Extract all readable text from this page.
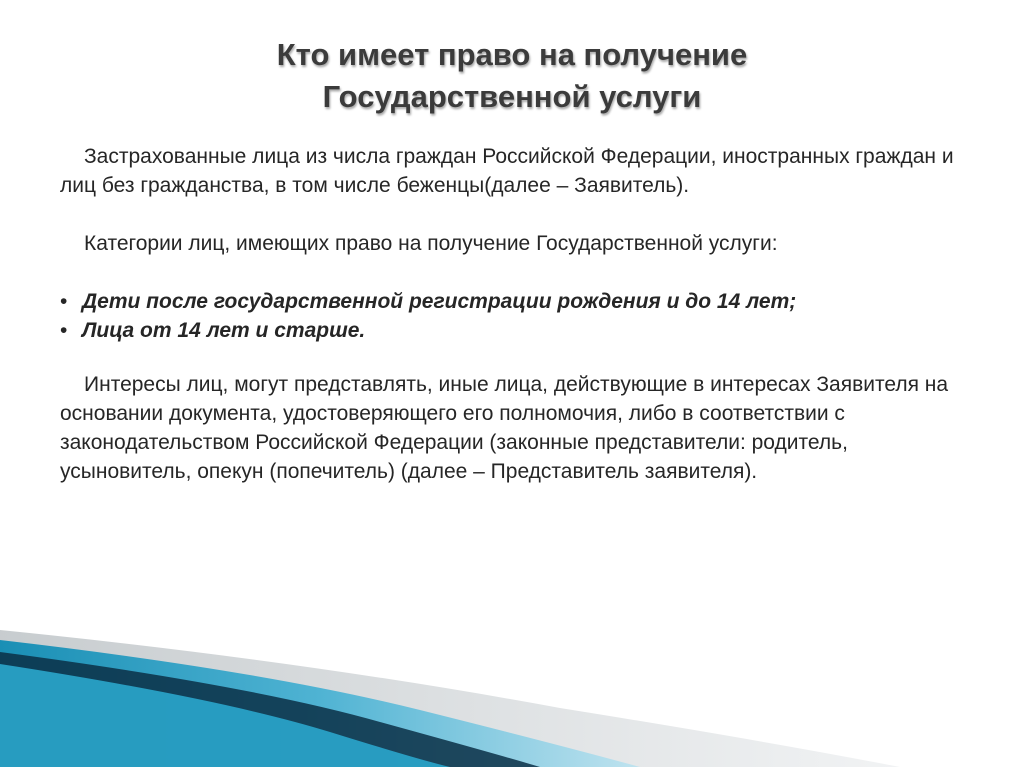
Кто имеет право на получение
Государственной услуги

Застрахованные лица из числа граждан Российской Федерации, иностранных граждан и лиц без гражданства, в том числе беженцы(далее – Заявитель).

Категории лиц, имеющих право на получение Государственной услуги:

• Дети после государственной регистрации рождения и до 14 лет;
• Лица от 14 лет и старше.

Интересы лиц, могут представлять, иные лица, действующие в интересах Заявителя на основании документа, удостоверяющего его полномочия, либо в соответствии с законодательством Российской Федерации (законные представители: родитель, усыновитель, опекун (попечитель) (далее – Представитель заявителя).
